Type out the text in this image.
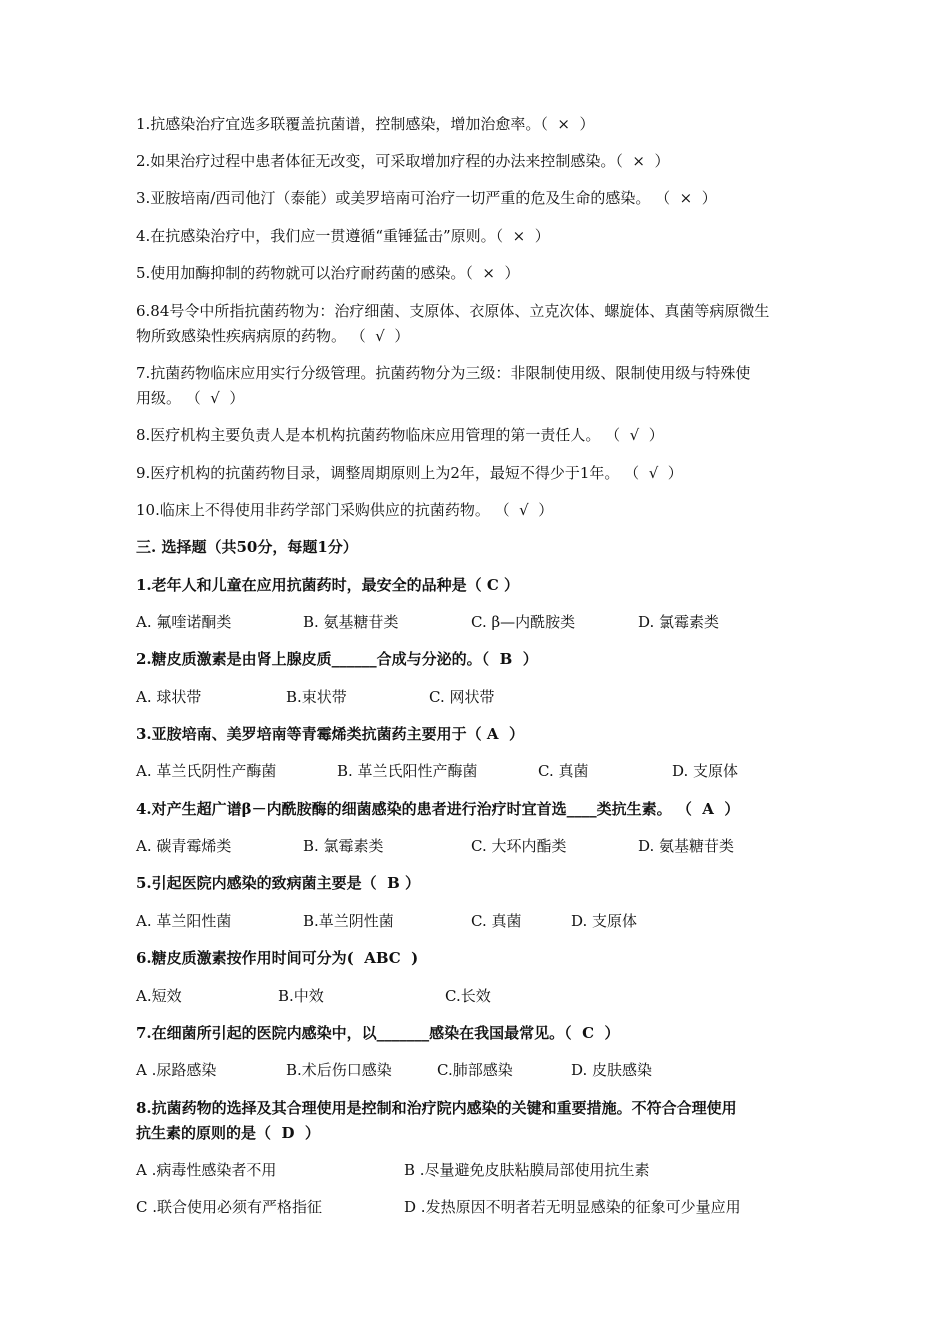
1.抗感染治疗宜选多联覆盖抗菌谱，控制感染，增加治愈率。（  ×  ）
2.如果治疗过程中患者体征无改变，可采取增加疗程的办法来控制感染。（  ×  ）
3.亚胺培南/西司他汀（泰能）或美罗培南可治疗一切严重的危及生命的感染。 （  ×  ）
4.在抗感染治疗中，我们应一贯遵循“重锤猛击”原则。（  ×  ）
5.使用加酶抑制的药物就可以治疗耐药菌的感染。（  ×  ）
6.84号令中所指抗菌药物为：治疗细菌、支原体、衣原体、立克次体、螺旋体、真菌等病原微生
物所致感染性疾病病原的药物。 （  √  ）
7.抗菌药物临床应用实行分级管理。抗菌药物分为三级：非限制使用级、限制使用级与特殊使
用级。 （  √  ）
8.医疗机构主要负责人是本机构抗菌药物临床应用管理的第一责任人。 （  √  ）
9.医疗机构的抗菌药物目录，调整周期原则上为2年，最短不得少于1年。 （  √  ）
10.临床上不得使用非药学部门采购供应的抗菌药物。 （  √  ）
三. 选择题（共50分，每题1分）
1.老年人和儿童在应用抗菌药时，最安全的品种是（ C ）
A. 氟喹诺酮类	B. 氨基糖苷类	C. β—内酰胺类	D. 氯霉素类
2.糖皮质激素是由肾上腺皮质______合成与分泌的。（  B  ）
A. 球状带	B.束状带	C. 网状带
3.亚胺培南、美罗培南等青霉烯类抗菌药主要用于（ A  ）
A. 革兰氏阴性产酶菌	B. 革兰氏阳性产酶菌	C. 真菌	D. 支原体
4.对产生超广谱β－内酰胺酶的细菌感染的患者进行治疗时宜首选____类抗生素。 （  A  ）
A. 碳青霉烯类	B. 氯霉素类	C. 大环内酯类	D. 氨基糖苷类
5.引起医院内感染的致病菌主要是（  B ）
A. 革兰阳性菌	B.革兰阴性菌	C. 真菌	D. 支原体
6.糖皮质激素按作用时间可分为(  ABC  )
A.短效	B.中效	C.长效
7.在细菌所引起的医院内感染中，以_______感染在我国最常见。（  C  ）
A .尿路感染	B.术后伤口感染	C.肺部感染	D. 皮肤感染
8.抗菌药物的选择及其合理使用是控制和治疗院内感染的关键和重要措施。不符合合理使用
抗生素的原则的是（  D  ）
A .病毒性感染者不用	B .尽量避免皮肤粘膜局部使用抗生素
C .联合使用必须有严格指征	D .发热原因不明者若无明显感染的征象可少量应用
